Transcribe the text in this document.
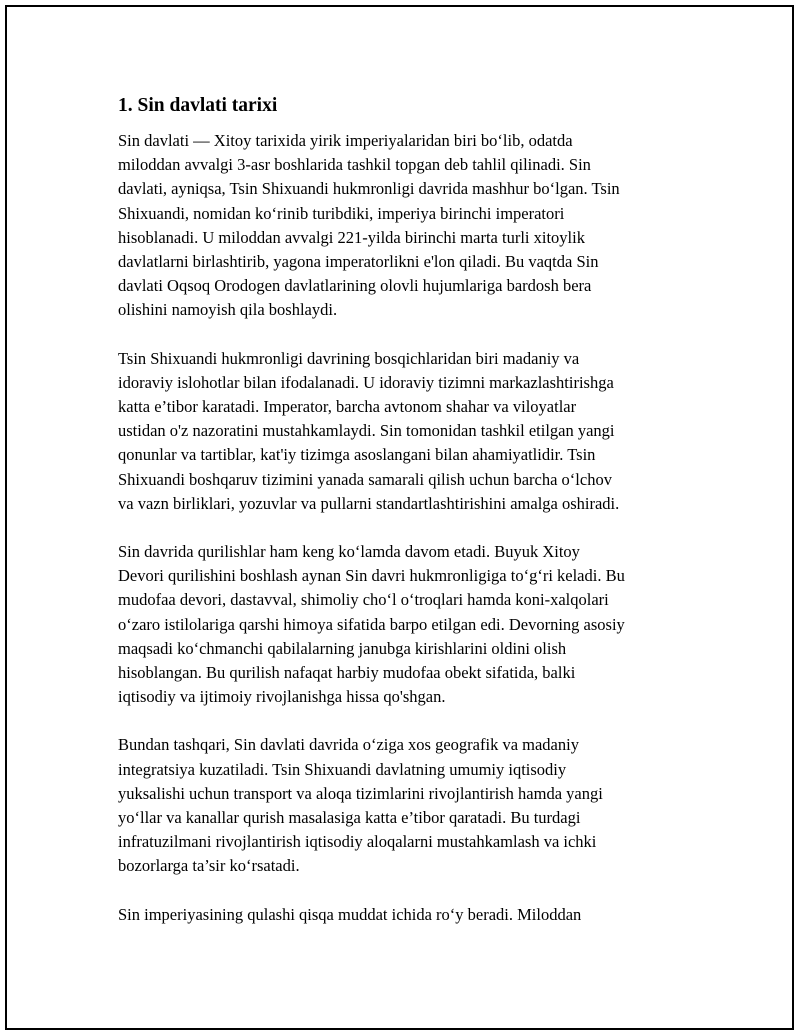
1. Sin davlati tarixi

Sin davlati — Xitoy tarixida yirik imperiyalaridan biri bo‘lib, odatda
miloddan avvalgi 3-asr boshlarida tashkil topgan deb tahlil qilinadi. Sin
davlati, ayniqsa, Tsin Shixuandi hukmronligi davrida mashhur bo‘lgan. Tsin
Shixuandi, nomidan ko‘rinib turibdiki, imperiya birinchi imperatori
hisoblanadi. U miloddan avvalgi 221-yilda birinchi marta turli xitoylik
davlatlarni birlashtirib, yagona imperatorlikni e'lon qiladi. Bu vaqtda Sin
davlati Oqsoq Orodogen davlatlarining olovli hujumlariga bardosh bera
olishini namoyish qila boshlaydi.

Tsin Shixuandi hukmronligi davrining bosqichlaridan biri madaniy va
idoraviy islohotlar bilan ifodalanadi. U idoraviy tizimni markazlashtirishga
katta e’tibor karatadi. Imperator, barcha avtonom shahar va viloyatlar
ustidan o'z nazoratini mustahkamlaydi. Sin tomonidan tashkil etilgan yangi
qonunlar va tartiblar, kat'iy tizimga asoslangani bilan ahamiyatlidir. Tsin
Shixuandi boshqaruv tizimini yanada samarali qilish uchun barcha o‘lchov
va vazn birliklari, yozuvlar va pullarni standartlashtirishini amalga oshiradi.

Sin davrida qurilishlar ham keng ko‘lamda davom etadi. Buyuk Xitoy
Devori qurilishini boshlash aynan Sin davri hukmronligiga to‘g‘ri keladi. Bu
mudofaa devori, dastavval, shimoliy cho‘l o‘troqlari hamda koni-xalqolari
o‘zaro istilolariga qarshi himoya sifatida barpo etilgan edi. Devorning asosiy
maqsadi ko‘chmanchi qabilalarning janubga kirishlarini oldini olish
hisoblangan. Bu qurilish nafaqat harbiy mudofaa obekt sifatida, balki
iqtisodiy va ijtimoiy rivojlanishga hissa qo'shgan.

Bundan tashqari, Sin davlati davrida o‘ziga xos geografik va madaniy
integratsiya kuzatiladi. Tsin Shixuandi davlatning umumiy iqtisodiy
yuksalishi uchun transport va aloqa tizimlarini rivojlantirish hamda yangi
yo‘llar va kanallar qurish masalasiga katta e’tibor qaratadi. Bu turdagi
infratuzilmani rivojlantirish iqtisodiy aloqalarni mustahkamlash va ichki
bozorlarga ta’sir ko‘rsatadi.

Sin imperiyasining qulashi qisqa muddat ichida ro‘y beradi. Miloddan
